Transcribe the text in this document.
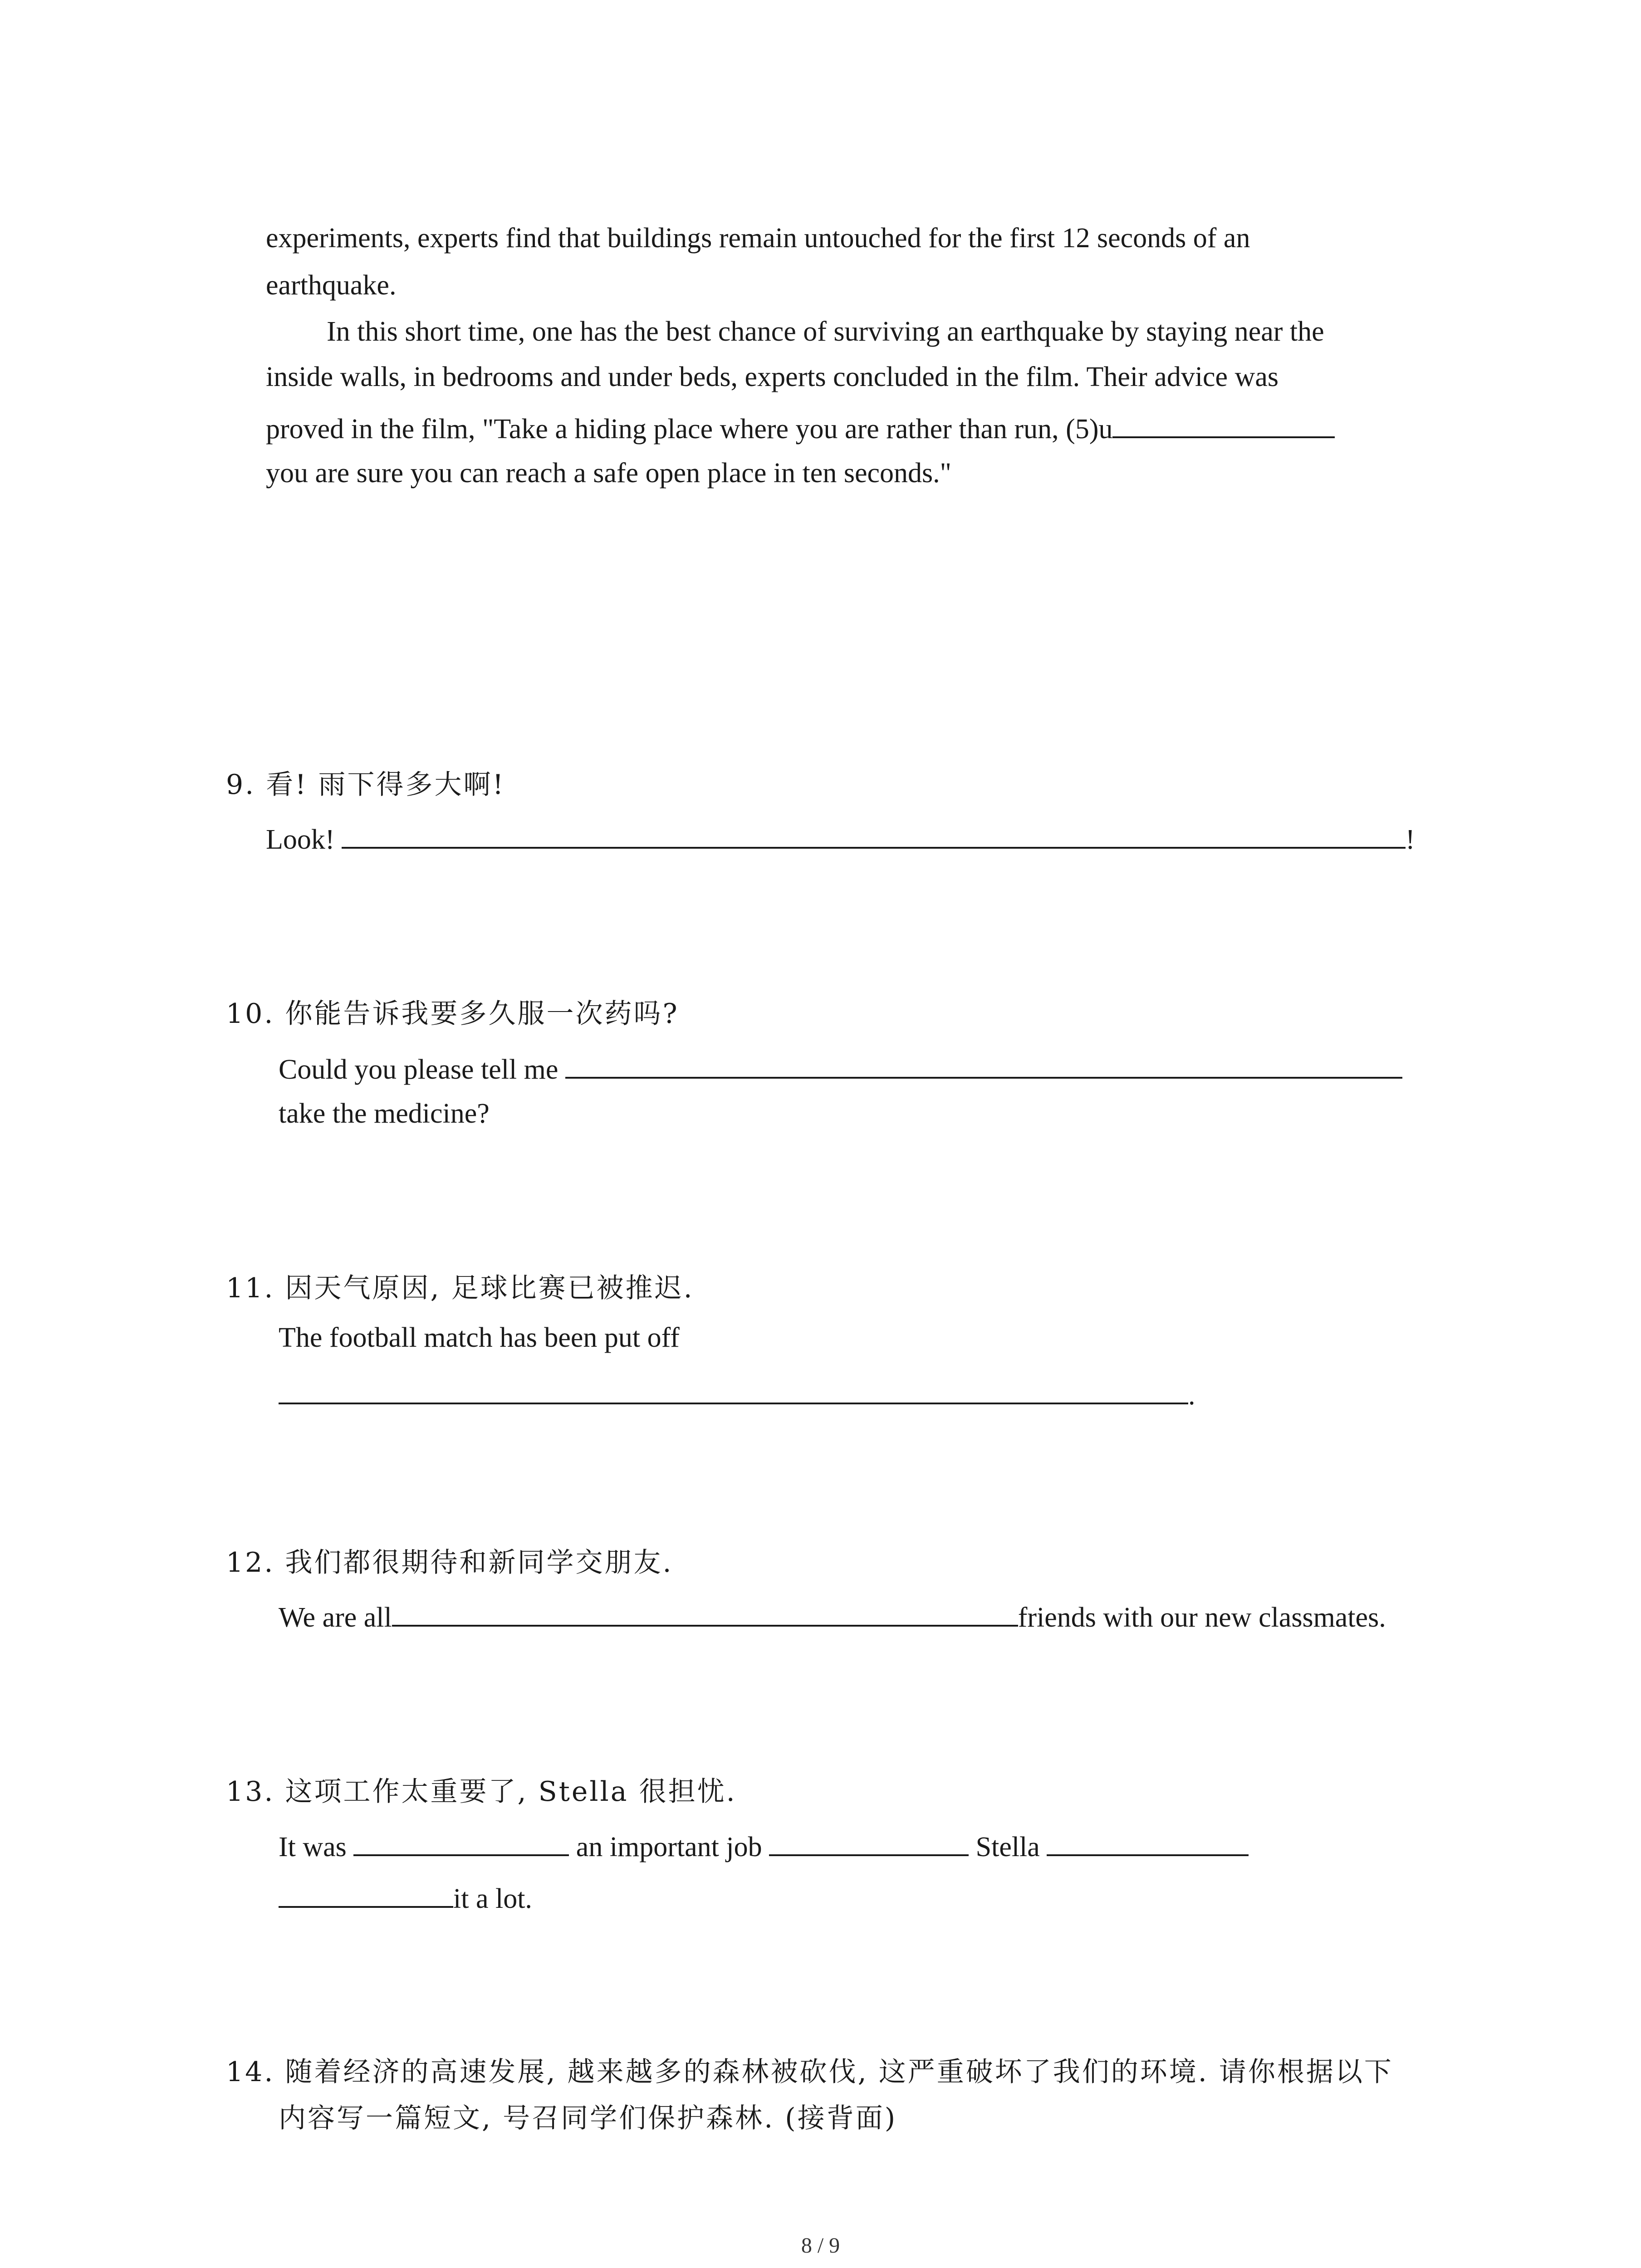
experiments, experts find that buildings remain untouched for the first 12 seconds of an
earthquake.
In this short time, one has the best chance of surviving an earthquake by staying near the
inside walls, in bedrooms and under beds, experts concluded in the film. Their advice was
proved in the film, "Take a hiding place where you are rather than run, (5)u
you are sure you can reach a safe open place in ten seconds."
9. 看! 雨下得多大啊!
Look!	!
10. 你能告诉我要多久服一次药吗?
Could you please tell me
take the medicine?
11. 因天气原因, 足球比赛已被推迟.
The football match has been put off
.
12. 我们都很期待和新同学交朋友.
We are all	friends with our new classmates.
13. 这项工作太重要了, Stella 很担忧.
It was	an important job	Stella
it a lot.
14. 随着经济的高速发展, 越来越多的森林被砍伐, 这严重破坏了我们的环境. 请你根据以下
内容写一篇短文, 号召同学们保护森林. (接背面)
8 / 9
